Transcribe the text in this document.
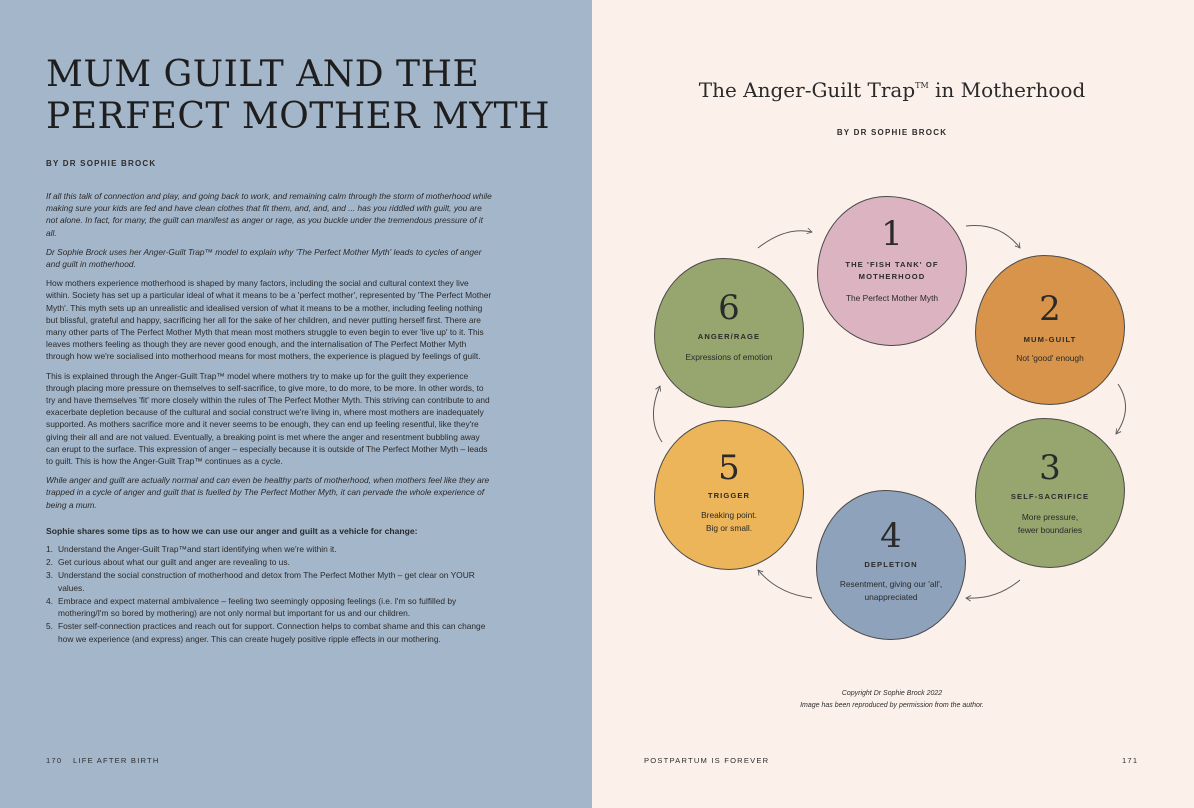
MUM GUILT AND THE
PERFECT MOTHER MYTH
BY DR SOPHIE BROCK

If all this talk of connection and play, and going back to work, and remaining calm through the storm of motherhood while making sure your kids are fed and have clean clothes that fit them, and, and, and ... has you riddled with guilt, you are not alone. In fact, for many, the guilt can manifest as anger or rage, as you buckle under the tremendous pressure of it all.

Dr Sophie Brock uses her Anger-Guilt Trap™ model to explain why 'The Perfect Mother Myth' leads to cycles of anger and guilt in motherhood.

How mothers experience motherhood is shaped by many factors, including the social and cultural context they live within. Society has set up a particular ideal of what it means to be a 'perfect mother', represented by 'The Perfect Mother Myth'. This myth sets up an unrealistic and idealised version of what it means to be a mother, including feeling nothing but blissful, grateful and happy, sacrificing her all for the sake of her children, and never putting herself first. There are many other parts of The Perfect Mother Myth that mean most mothers struggle to even begin to ever 'live up' to it. This leaves mothers feeling as though they are never good enough, and the internalisation of The Perfect Mother Myth through how we're socialised into motherhood means for most mothers, the experience is plagued by feelings of guilt.

This is explained through the Anger-Guilt Trap™ model where mothers try to make up for the guilt they experience through placing more pressure on themselves to self-sacrifice, to give more, to do more, to be more. In other words, to try and have themselves 'fit' more closely within the rules of The Perfect Mother Myth. This striving can contribute to and exacerbate depletion because of the cultural and social construct we're living in, where most mothers are inadequately supported. As mothers sacrifice more and it never seems to be enough, they can end up feeling resentful, like they're giving their all and are not valued. Eventually, a breaking point is met where the anger and resentment bubbling away can erupt to the surface. This expression of anger – especially because it is outside of The Perfect Mother Myth – leads to guilt. This is how the Anger-Guilt Trap™ continues as a cycle.

While anger and guilt are actually normal and can even be healthy parts of motherhood, when mothers feel like they are trapped in a cycle of anger and guilt that is fuelled by The Perfect Mother Myth, it can pervade the whole experience of being a mum.

Sophie shares some tips as to how we can use our anger and guilt as a vehicle for change:

1. Understand the Anger-Guilt Trap™and start identifying when we're within it.
2. Get curious about what our guilt and anger are revealing to us.
3. Understand the social construction of motherhood and detox from The Perfect Mother Myth – get clear on YOUR values.
4. Embrace and expect maternal ambivalence – feeling two seemingly opposing feelings (i.e. I'm so fulfilled by mothering/I'm so bored by mothering) are not only normal but important for us and our children.
5. Foster self-connection practices and reach out for support. Connection helps to combat shame and this can change how we experience (and express) anger. This can create hugely positive ripple effects in our mothering.
170 LIFE AFTER BIRTH
The Anger-Guilt Trap™ in Motherhood
BY DR SOPHIE BROCK
1
THE 'FISH TANK' OF
MOTHERHOOD
The Perfect Mother Myth	2
MUM-GUILT
Not 'good' enough
3
SELF-SACRIFICE
More pressure,
fewer boundaries
4
DEPLETION
Resentment, giving our 'all',
unappreciated
5
TRIGGER
Breaking point.
Big or small.
6
ANGER/RAGE
Expressions of emotion
Copyright Dr Sophie Brock 2022
Image has been reproduced by permission from the author.
POSTPARTUM IS FOREVER	171
